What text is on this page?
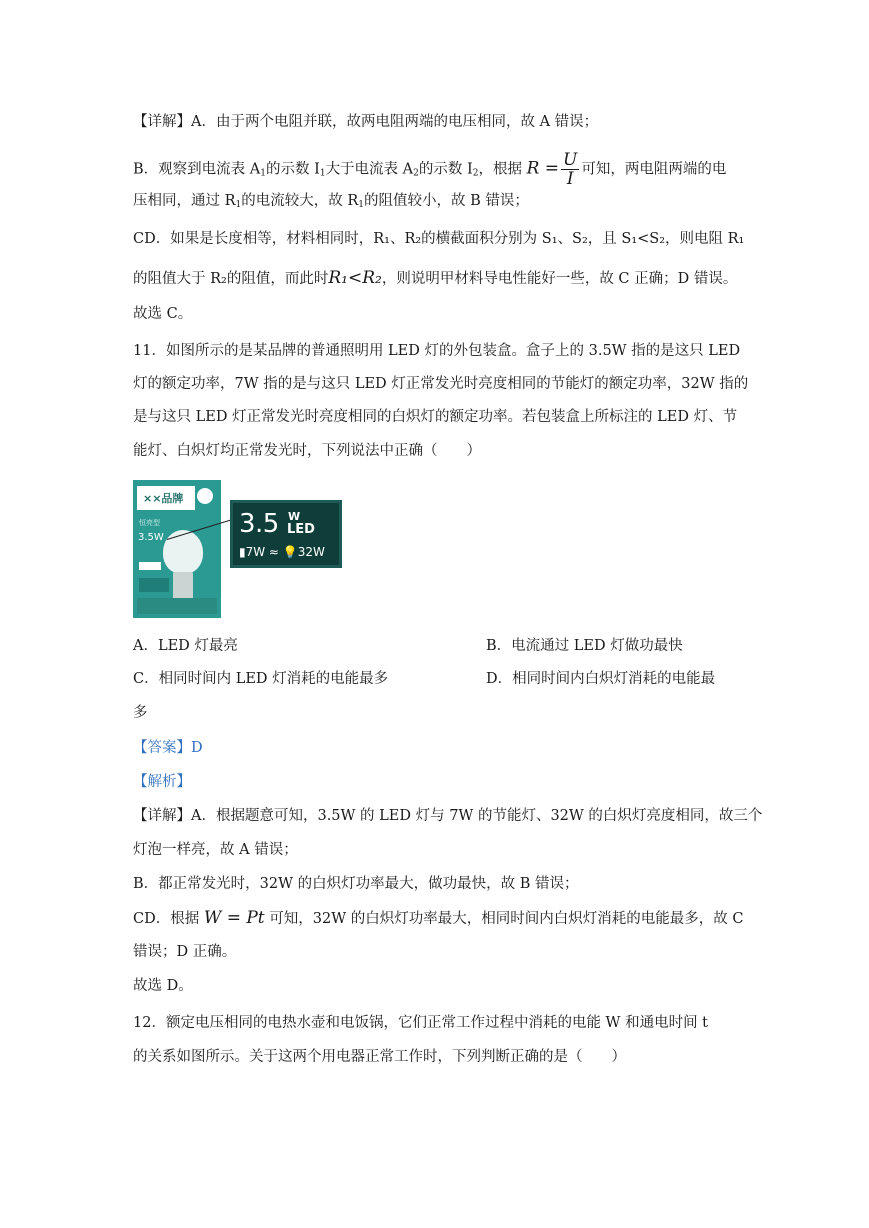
【详解】A．由于两个电阻并联，故两电阻两端的电压相同，故 A 错误；
B．观察到电流表 $A_1$的示数 $I_1$大于电流表 $A_2$的示数 $I_2$，根据 $R = \frac{U}{I}$ 可知，两电阻两端的电
压相同，通过 $R_1$的电流较大，故 $R_1$的阻值较小，故 B 错误；
CD．如果是长度相等，材料相同时，R₁、R₂的横截面积分别为 S₁、S₂，且 S₁<S₂，则电阻 R₁
的阻值大于 R₂的阻值，而此时R₁<R₂，则说明甲材料导电性能好一些，故 C 正确；D 错误。
故选 C。
11．如图所示的是某品牌的普通照明用 LED 灯的外包装盒。盒子上的 3.5W 指的是这只 LED
灯的额定功率，7W 指的是与这只 LED 灯正常发光时亮度相同的节能灯的额定功率，32W 指的
是与这只 LED 灯正常发光时亮度相同的白炽灯的额定功率。若包装盒上所标注的 LED 灯、节
能灯、白炽灯均正常发光时，下列说法中正确（　　）
××品牌
恒亮型
3.5W	3.5 W
LED
▮7W ≈ 💡32W
A．LED 灯最亮	B．电流通过 LED 灯做功最快
C．相同时间内 LED 灯消耗的电能最多	D．相同时间内白炽灯消耗的电能最
多
【答案】D
【解析】
【详解】A．根据题意可知，3.5W 的 LED 灯与 7W 的节能灯、32W 的白炽灯亮度相同，故三个
灯泡一样亮，故 A 错误；
B．都正常发光时，32W 的白炽灯功率最大，做功最快，故 B 错误；
CD．根据 W = Pt 可知，32W 的白炽灯功率最大，相同时间内白炽灯消耗的电能最多，故 C
错误；D 正确。
故选 D。
12．额定电压相同的电热水壶和电饭锅，它们正常工作过程中消耗的电能 W 和通电时间 t
的关系如图所示。关于这两个用电器正常工作时，下列判断正确的是（　　）
